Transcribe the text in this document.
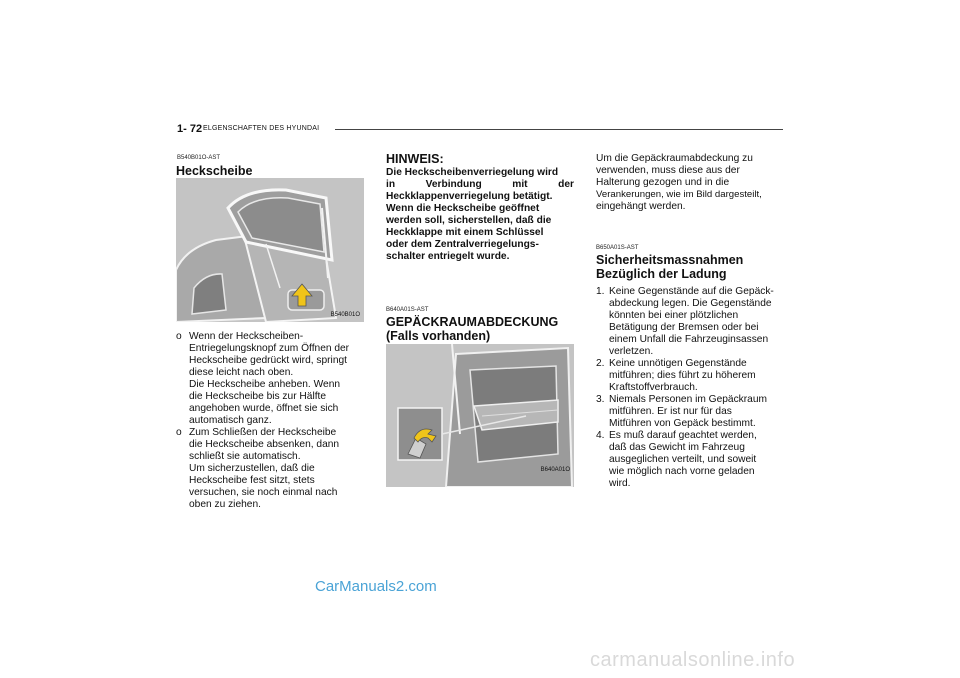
1- 72 ELGENSCHAFTEN DES HYUNDAI
B540B01O-AST
Heckscheibe
B540B01O
o Wenn der Heckscheiben-
Entriegelungsknopf zum Öffnen der
Heckscheibe gedrückt wird, springt
diese leicht nach oben.
Die Heckscheibe anheben. Wenn
die Heckscheibe bis zur Hälfte
angehoben wurde, öffnet sie sich
automatisch ganz.
o Zum Schließen der Heckscheibe
die Heckscheibe absenken, dann
schließt sie automatisch.
Um sicherzustellen, daß die
Heckscheibe fest sitzt, stets
versuchen, sie noch einmal nach
oben zu ziehen.
HINWEIS:
Die Heckscheibenverriegelung wird
in Verbindung mit der
Heckklappenverriegelung betätigt.
Wenn die Heckscheibe geöffnet
werden soll, sicherstellen, daß die
Heckklappe mit einem Schlüssel
oder dem Zentralverriegelungs-
schalter entriegelt wurde.
B640A01S-AST
GEPÄCKRAUMABDECKUNG
(Falls vorhanden)
B640A01O
Um die Gepäckraumabdeckung zu
verwenden, muss diese aus der
Halterung gezogen und in die
Verankerungen, wie im Bild dargesteilt,
eingehängt werden.
B650A01S-AST
Sicherheitsmassnahmen
Bezüglich der Ladung
1. Keine Gegenstände auf die Gepäck-
abdeckung legen. Die Gegenstände
könnten bei einer plötzlichen
Betätigung der Bremsen oder bei
einem Unfall die Fahrzeuginsassen
verletzen.
2. Keine unnötigen Gegenstände
mitführen; dies führt zu höherem
Kraftstoffverbrauch.
3. Niemals Personen im Gepäckraum
mitführen. Er ist nur für das
Mitführen von Gepäck bestimmt.
4. Es muß darauf geachtet werden,
daß das Gewicht im Fahrzeug
ausgeglichen verteilt, und soweit
wie möglich nach vorne geladen
wird.
CarManuals2.com
carmanualsonline.info
